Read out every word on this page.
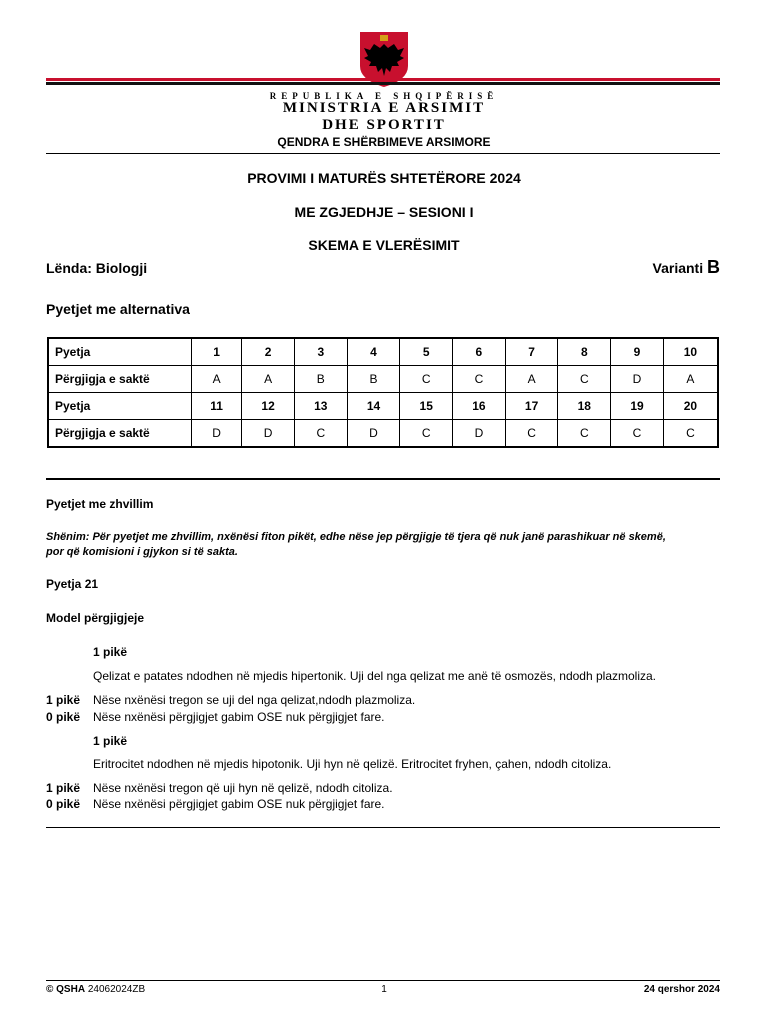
REPUBLIKA E SHQIPËRISË
MINISTRIA E ARSIMIT
DHE SPORTIT
QENDRA E SHËRBIMEVE ARSIMORE
PROVIMI I MATURËS SHTETËRORE 2024
ME ZGJEDHJE – SESIONI I
SKEMA E VLERËSIMIT
Lënda: Biologji	Varianti B
Pyetjet me alternativa
Pyetja	1	2	3	4	5	6	7	8	9	10
Përgjigja e saktë	A	A	B	B	C	C	A	C	D	A
Pyetja	11	12	13	14	15	16	17	18	19	20
Përgjigja e saktë	D	D	C	D	C	D	C	C	C	C
Pyetjet me zhvillim
Shënim: Për pyetjet me zhvillim, nxënësi fiton pikët, edhe nëse jep përgjigje të tjera që nuk janë parashikuar në skemë,
por që komisioni i gjykon si të sakta.
Pyetja 21
Model përgjigjeje
1 pikë
Qelizat e patates ndodhen në mjedis hipertonik. Uji del nga qelizat me anë të osmozës, ndodh plazmoliza.
1 pikë Nëse nxënësi tregon se uji del nga qelizat,ndodh plazmoliza.
0 pikë Nëse nxënësi përgjigjet gabim OSE nuk përgjigjet fare.
1 pikë
Eritrocitet ndodhen në mjedis hipotonik. Uji hyn në qelizë. Eritrocitet fryhen, çahen, ndodh citoliza.
1 pikë Nëse nxënësi tregon që uji hyn në qelizë, ndodh citoliza.
0 pikë Nëse nxënësi përgjigjet gabim OSE nuk përgjigjet fare.
© QSHA 24062024ZB	1	24 qershor 2024
